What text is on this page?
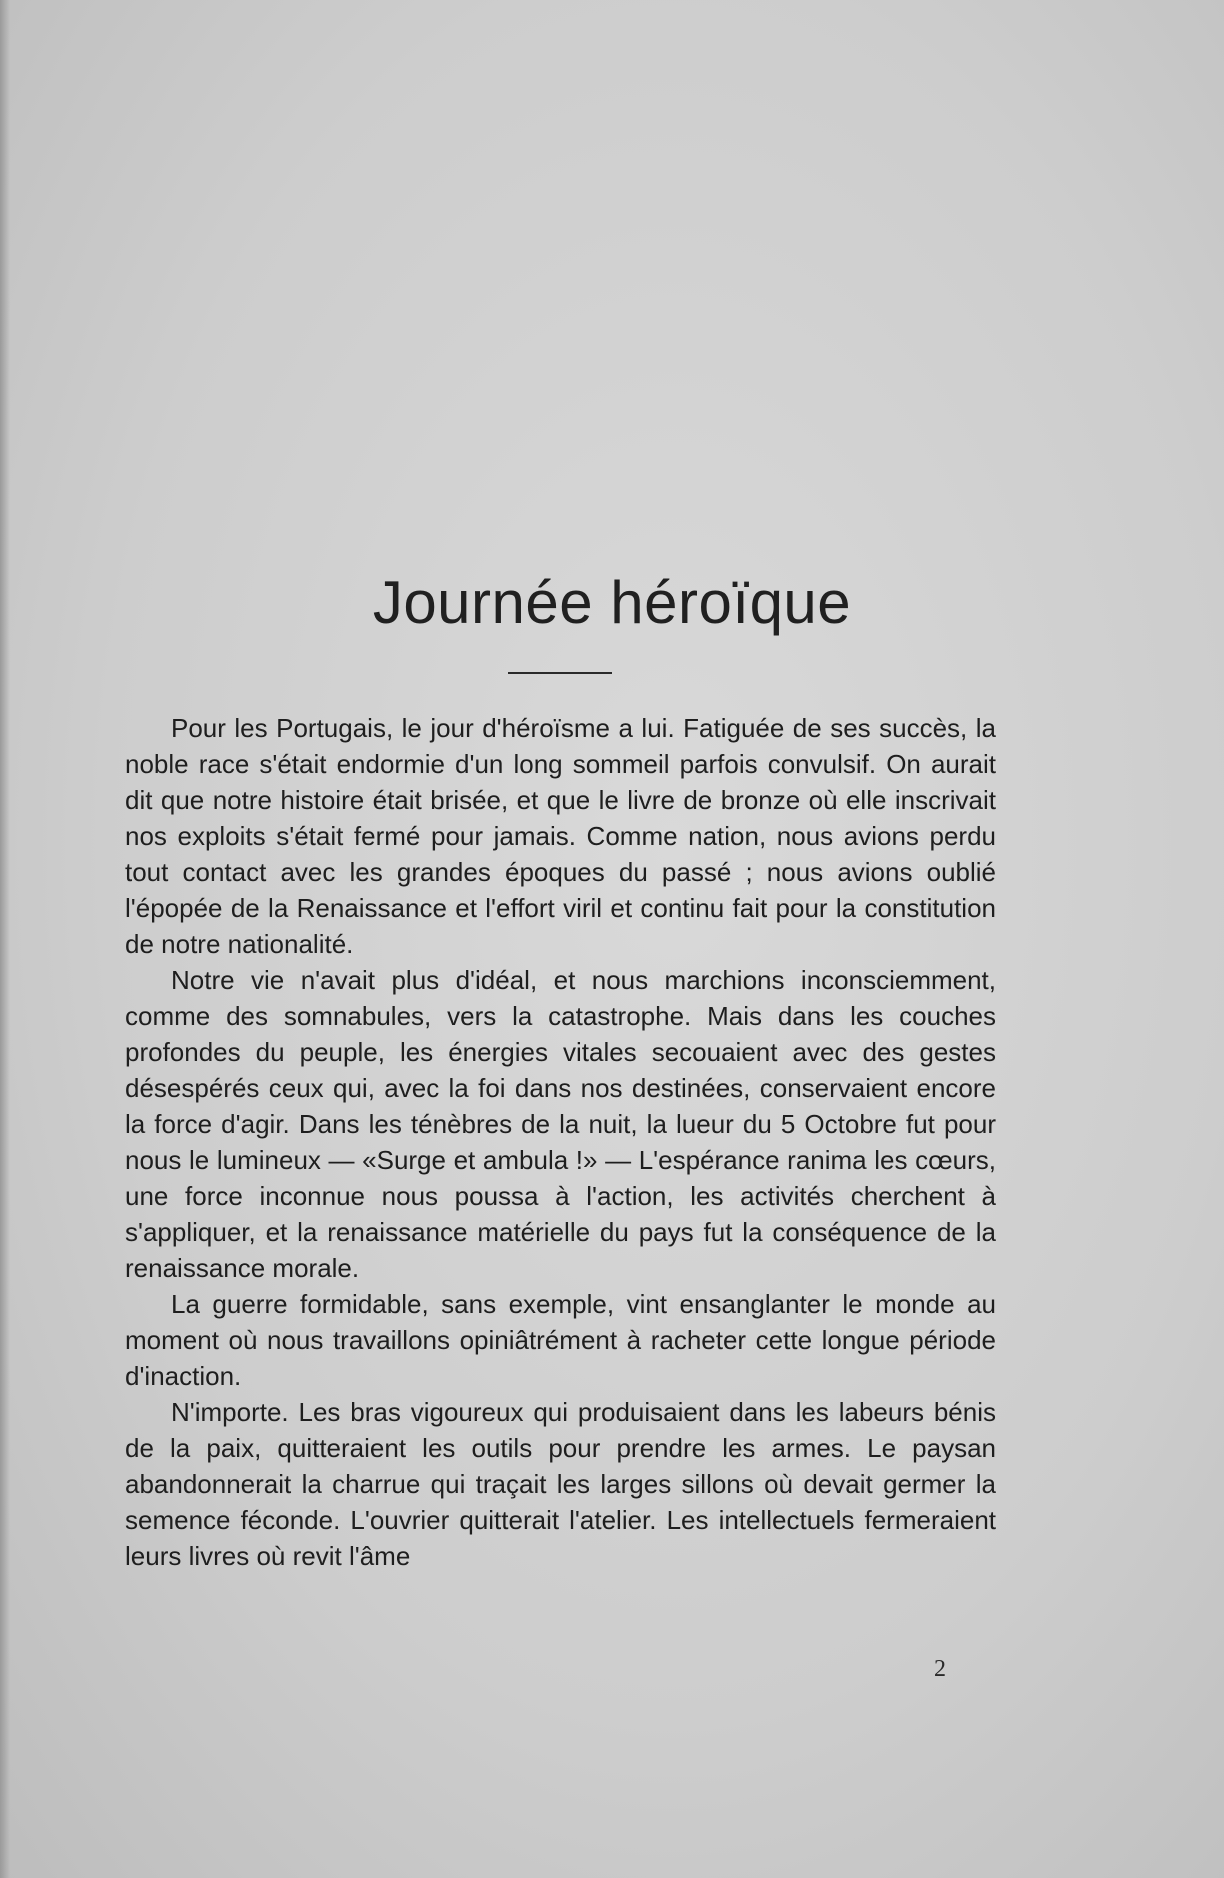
Journée héroïque

Pour les Portugais, le jour d'héroïsme a lui. Fatiguée de ses succès, la noble race s'était endormie d'un long sommeil parfois convulsif. On aurait dit que notre histoire était brisée, et que le livre de bronze où elle inscrivait nos exploits s'était fermé pour jamais. Comme nation, nous avions perdu tout contact avec les grandes époques du passé ; nous avions oublié l'épopée de la Renaissance et l'effort viril et continu fait pour la constitution de notre nationalité.

Notre vie n'avait plus d'idéal, et nous marchions inconsciemment, comme des somnabules, vers la catastrophe. Mais dans les couches profondes du peuple, les énergies vitales secouaient avec des gestes désespérés ceux qui, avec la foi dans nos destinées, conservaient encore la force d'agir. Dans les ténèbres de la nuit, la lueur du 5 Octobre fut pour nous le lumineux — «Surge et ambula !» — L'espérance ranima les cœurs, une force inconnue nous poussa à l'action, les activités cherchent à s'appliquer, et la renaissance matérielle du pays fut la conséquence de la renaissance morale.

La guerre formidable, sans exemple, vint ensanglanter le monde au moment où nous travaillons opiniâtrément à racheter cette longue période d'inaction.

N'importe. Les bras vigoureux qui produisaient dans les labeurs bénis de la paix, quitteraient les outils pour prendre les armes. Le paysan abandonnerait la charrue qui traçait les larges sillons où devait germer la semence féconde. L'ouvrier quitterait l'atelier. Les intellectuels fermeraient leurs livres où revit l'âme

2
